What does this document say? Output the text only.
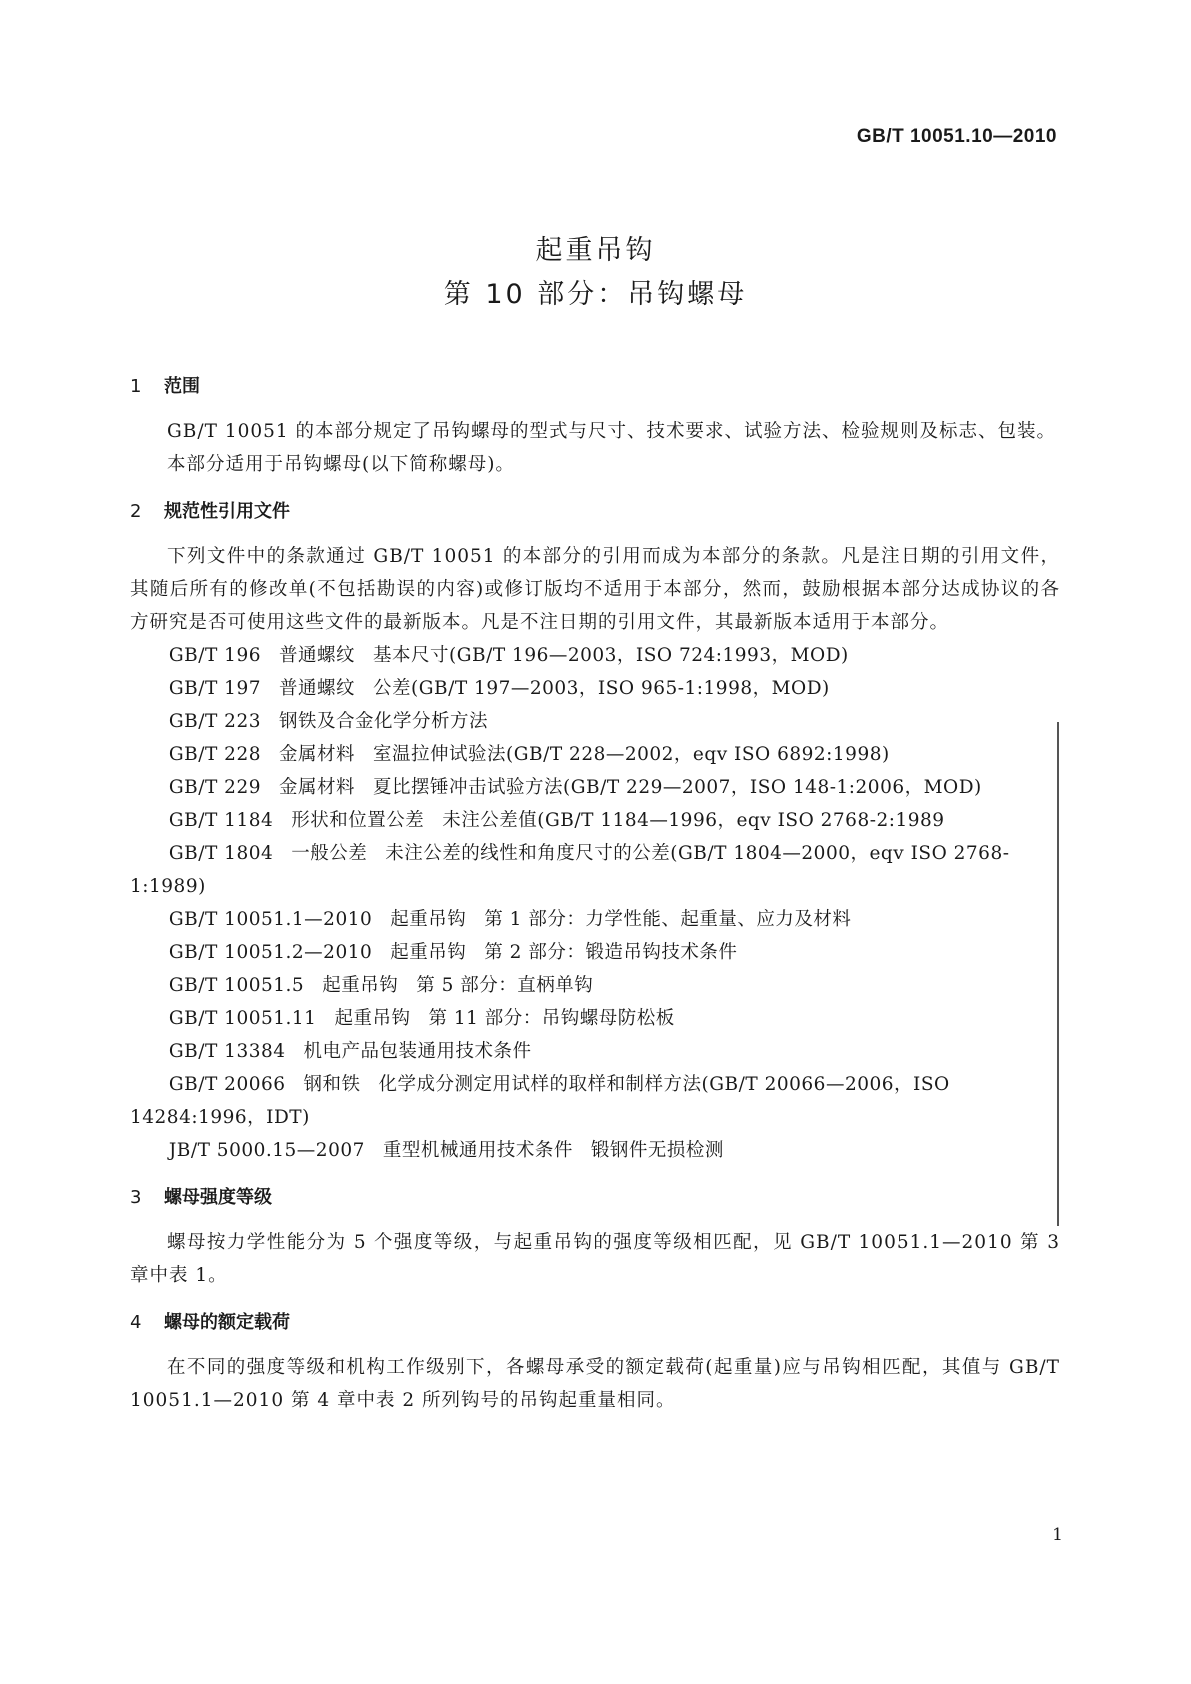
GB/T 10051.10—2010
起重吊钩
第 10 部分：吊钩螺母
1 范围

GB/T 10051 的本部分规定了吊钩螺母的型式与尺寸、技术要求、试验方法、检验规则及标志、包装。

本部分适用于吊钩螺母(以下简称螺母)。

2 规范性引用文件

下列文件中的条款通过 GB/T 10051 的本部分的引用而成为本部分的条款。凡是注日期的引用文件，其随后所有的修改单(不包括勘误的内容)或修订版均不适用于本部分，然而，鼓励根据本部分达成协议的各方研究是否可使用这些文件的最新版本。凡是不注日期的引用文件，其最新版本适用于本部分。

GB/T 196 普通螺纹 基本尺寸(GB/T 196—2003，ISO 724:1993，MOD)
GB/T 197 普通螺纹 公差(GB/T 197—2003，ISO 965-1:1998，MOD)
GB/T 223 钢铁及合金化学分析方法
GB/T 228 金属材料 室温拉伸试验法(GB/T 228—2002，eqv ISO 6892:1998)
GB/T 229 金属材料 夏比摆锤冲击试验方法(GB/T 229—2007，ISO 148-1:2006，MOD)
GB/T 1184 形状和位置公差 未注公差值(GB/T 1184—1996，eqv ISO 2768-2:1989
GB/T 1804 一般公差 未注公差的线性和角度尺寸的公差(GB/T 1804—2000，eqv ISO 2768-1:1989)
GB/T 10051.1—2010 起重吊钩 第 1 部分：力学性能、起重量、应力及材料
GB/T 10051.2—2010 起重吊钩 第 2 部分：锻造吊钩技术条件
GB/T 10051.5 起重吊钩 第 5 部分：直柄单钩
GB/T 10051.11 起重吊钩 第 11 部分：吊钩螺母防松板
GB/T 13384 机电产品包装通用技术条件
GB/T 20066 钢和铁 化学成分测定用试样的取样和制样方法(GB/T 20066—2006，ISO 14284:1996，IDT)
JB/T 5000.15—2007 重型机械通用技术条件 锻钢件无损检测
3 螺母强度等级

螺母按力学性能分为 5 个强度等级，与起重吊钩的强度等级相匹配，见 GB/T 10051.1—2010 第 3 章中表 1。

4 螺母的额定载荷

在不同的强度等级和机构工作级别下，各螺母承受的额定载荷(起重量)应与吊钩相匹配，其值与 GB/T 10051.1—2010 第 4 章中表 2 所列钩号的吊钩起重量相同。

1
